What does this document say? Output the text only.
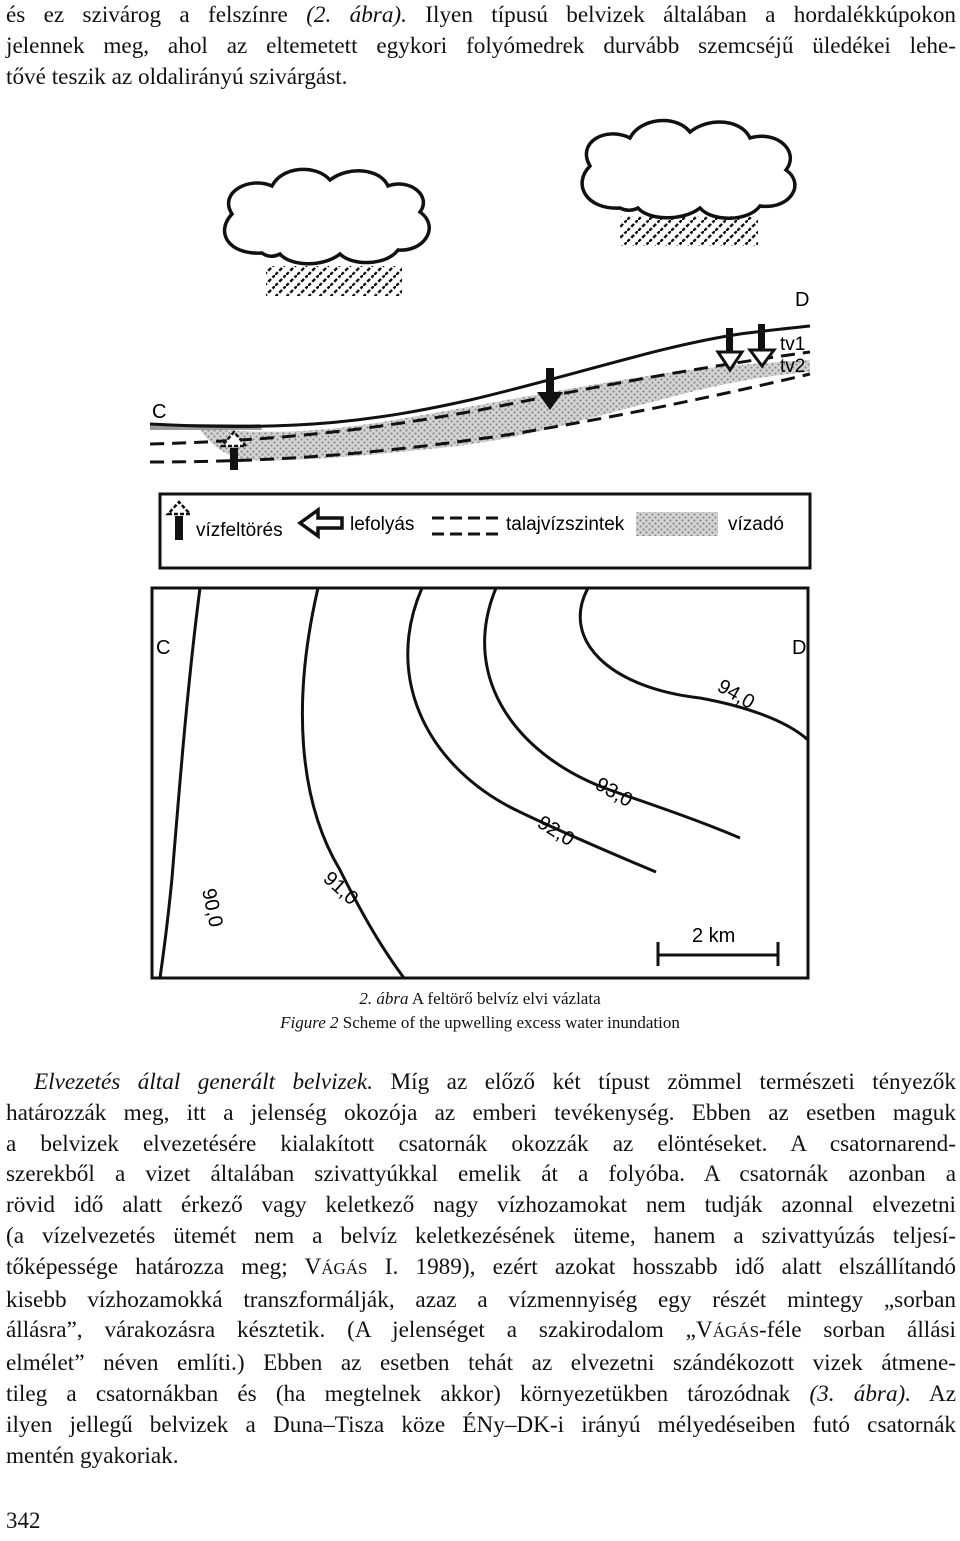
és ez szivárog a felszínre (2. ábra). Ilyen típusú belvizek általában a hordalékkúpokon
jelennek meg, ahol az eltemetett egykori folyómedrek durvább szemcséjű üledékei lehe-
tővé teszik az oldalirányú szivárgást.
C
D
tv1
tv2
vízfeltörés	lefolyás	talajvízszintek	vízadó
C	D
90,0	91,0
92,0
93,0
94,0
2 km
2. ábra A feltörő belvíz elvi vázlata
Figure 2 Scheme of the upwelling excess water inundation
Elvezetés által generált belvizek. Míg az előző két típust zömmel természeti tényezők
határozzák meg, itt a jelenség okozója az emberi tevékenység. Ebben az esetben maguk
a belvizek elvezetésére kialakított csatornák okozzák az elöntéseket. A csatornarend-
szerekből a vizet általában szivattyúkkal emelik át a folyóba. A csatornák azonban a
rövid idő alatt érkező vagy keletkező nagy vízhozamokat nem tudják azonnal elvezetni
(a vízelvezetés ütemét nem a belvíz keletkezésének üteme, hanem a szivattyúzás teljesí-
tőképessége határozza meg; VÁGÁS I. 1989), ezért azokat hosszabb idő alatt elszállítandó
kisebb vízhozamokká transzformálják, azaz a vízmennyiség egy részét mintegy „sorban
állásra”, várakozásra késztetik. (A jelenséget a szakirodalom „VÁGÁS-féle sorban állási
elmélet” néven említi.) Ebben az esetben tehát az elvezetni szándékozott vizek átmene-
tileg a csatornákban és (ha megtelnek akkor) környezetükben tározódnak (3. ábra). Az
ilyen jellegű belvizek a Duna–Tisza köze ÉNy–DK-i irányú mélyedéseiben futó csatornák
mentén gyakoriak.
342
